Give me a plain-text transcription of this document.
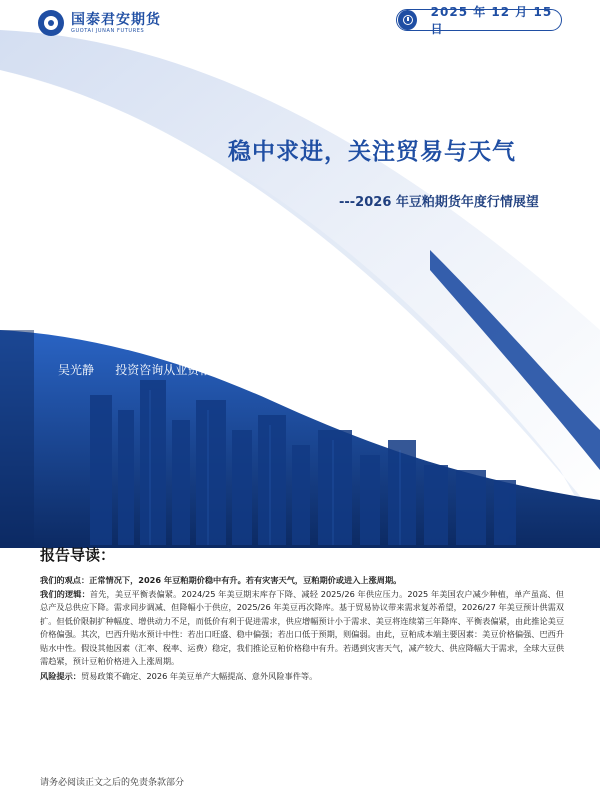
国泰君安期货
GUOTAI JUNAN FUTURES
2025 年 12 月 15 日
稳中求进，关注贸易与天气
---2026 年豆粕期货年度行情展望
吴光静 投资咨询从业资格号：Z0011992 wuguangjing@gtht.com
报告导读：

我们的观点：正常情况下，2026 年豆粕期价稳中有升。若有灾害天气，豆粕期价或进入上涨周期。

我们的逻辑：首先，美豆平衡表偏紧。2024/25 年美豆期末库存下降、减轻 2025/26 年供应压力。2025 年美国农户减少种植，单产虽高、但总产及总供应下降。需求同步调减、但降幅小于供应，2025/26 年美豆再次降库。基于贸易协议带来需求复苏希望，2026/27 年美豆预计供需双扩。但低价限制扩种幅度、增供动力不足，而低价有利于促进需求，供应增幅预计小于需求、美豆将连续第三年降库、平衡表偏紧，由此推论美豆价格偏强。其次，巴西升贴水预计中性：若出口旺盛、稳中偏强；若出口低于预期，则偏弱。由此，豆粕成本端主要因素：美豆价格偏强、巴西升贴水中性。假设其他因素（汇率、税率、运费）稳定，我们推论豆粕价格稳中有升。若遇到灾害天气，减产较大、供应降幅大于需求，全球大豆供需趋紧，预计豆粕价格进入上涨周期。

风险提示：贸易政策不确定、2026 年美豆单产大幅提高、意外风险事件等。

请务必阅读正文之后的免责条款部分
